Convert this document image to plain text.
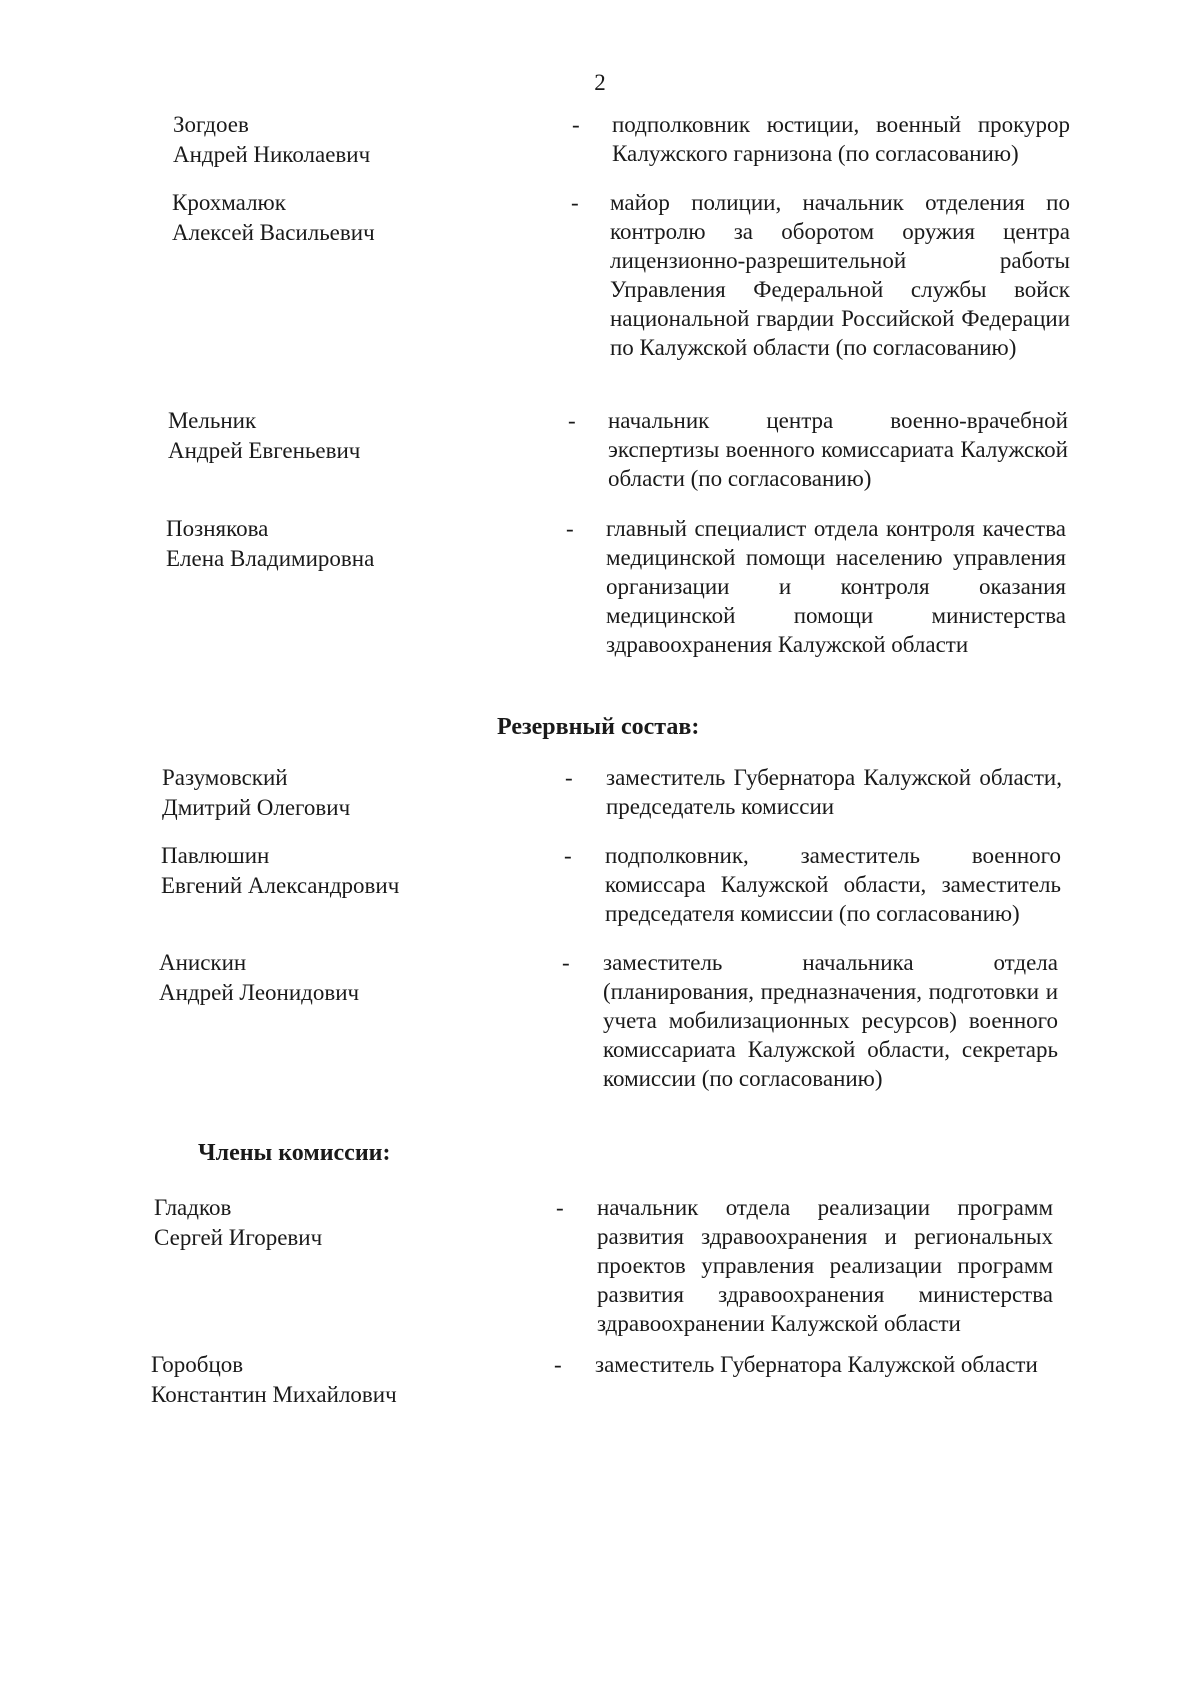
2
Зогдоев
Андрей Николаевич
- подполковник юстиции, военный прокурор Калужского гарнизона (по согласованию)
Крохмалюк
Алексей Васильевич
- майор полиции, начальник отделения по контролю за оборотом оружия центра лицензионно-разрешительной работы Управления Федеральной службы войск национальной гвардии Российской Федерации по Калужской области (по согласованию)
Мельник
Андрей Евгеньевич
- начальник центра военно-врачебной экспертизы военного комиссариата Калужской области (по согласованию)
Познякова
Елена Владимировна
- главный специалист отдела контроля качества медицинской помощи населению управления организации и контроля оказания медицинской помощи министерства здравоохранения Калужской области
Резервный состав:
Разумовский
Дмитрий Олегович
- заместитель Губернатора Калужской области, председатель комиссии
Павлюшин
Евгений Александрович
- подполковник, заместитель военного комиссара Калужской области, заместитель председателя комиссии (по согласованию)
Анискин
Андрей Леонидович
- заместитель начальника отдела (планирования, предназначения, подготовки и учета мобилизационных ресурсов) военного комиссариата Калужской области, секретарь комиссии (по согласованию)
Члены комиссии:
Гладков
Сергей Игоревич
- начальник отдела реализации программ развития здравоохранения и региональных проектов управления реализации программ развития здравоохранения министерства здравоохранении Калужской области
Горобцов
Константин Михайлович
- заместитель Губернатора Калужской области
